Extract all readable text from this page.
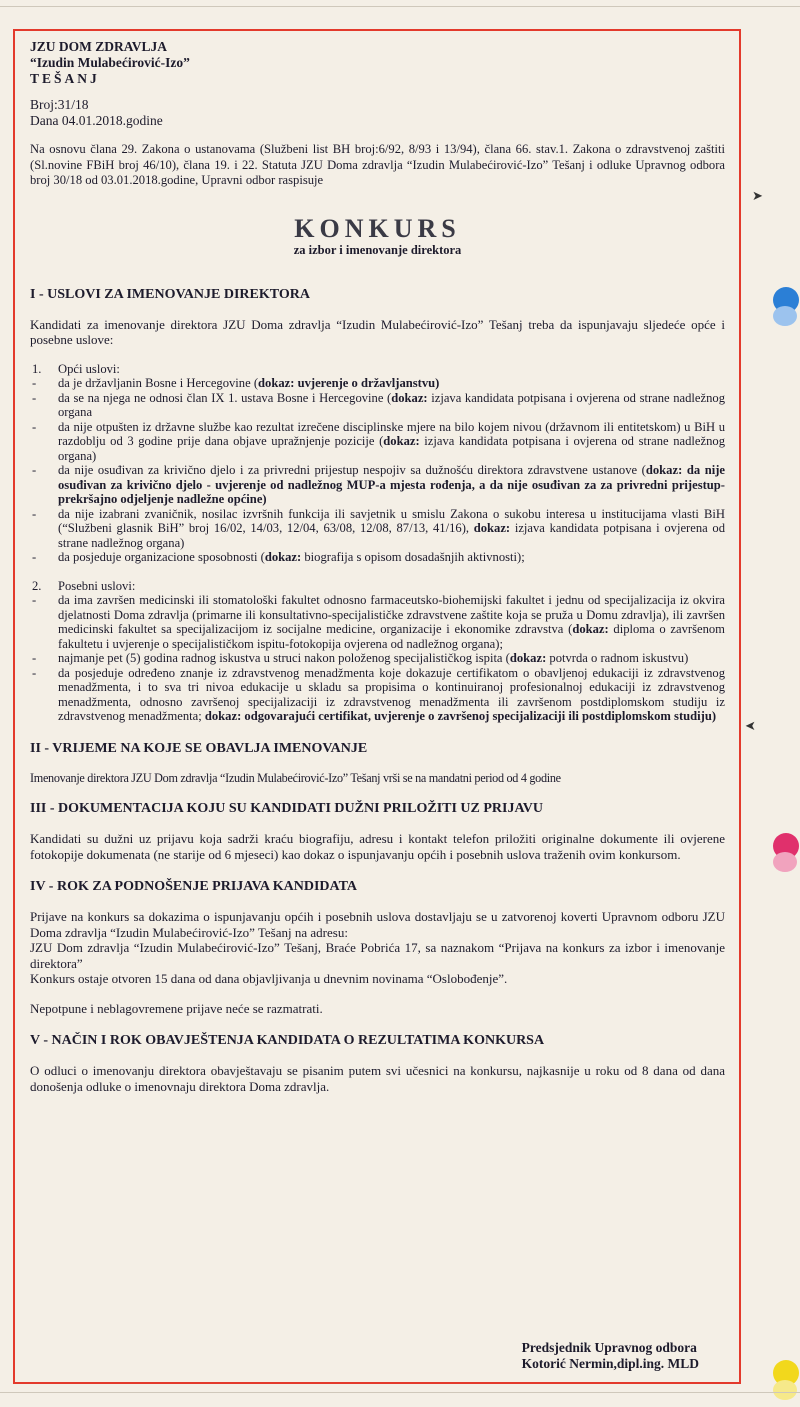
JZU DOM ZDRAVLJA
“Izudin Mulabećirović-Izo”
TEŠANJ
Broj:31/18
Dana 04.01.2018.godine
Na osnovu člana 29. Zakona o ustanovama (Službeni list BH broj:6/92, 8/93 i 13/94), člana 66. stav.1. Zakona o zdravstvenoj zaštiti (Sl.novine FBiH broj 46/10), člana 19. i 22. Statuta JZU Doma zdravlja “Izudin Mulabećirović-Izo” Tešanj i odluke Upravnog odbora broj 30/18 od 03.01.2018.godine, Upravni odbor raspisuje
KONKURS
za izbor i imenovanje direktora
I - USLOVI ZA IMENOVANJE DIREKTORA
Kandidati za imenovanje direktora JZU Doma zdravlja “Izudin Mulabećirović-Izo” Tešanj treba da ispunjavaju sljedeće opće i posebne uslove:
1. Opći uslovi:
- da je državljanin Bosne i Hercegovine (dokaz: uvjerenje o državljanstvu)
- da se na njega ne odnosi član IX 1. ustava Bosne i Hercegovine (dokaz: izjava kandidata potpisana i ovjerena od strane nadležnog organa
- da nije otpušten iz državne službe kao rezultat izrečene disciplinske mjere na bilo kojem nivou (državnom ili entitetskom) u BiH u razdoblju od 3 godine prije dana objave upražnjenje pozicije (dokaz: izjava kandidata potpisana i ovjerena od strane nadležnog organa)
- da nije osuđivan za krivično djelo i za privredni prijestup nespojiv sa dužnošću direktora zdravstvene ustanove (dokaz: da nije osuđivan za krivično djelo - uvjerenje od nadležnog MUP-a mjesta rođenja, a da nije osuđivan za za privredni prijestup-prekršajno odjeljenje nadležne općine)
- da nije izabrani zvaničnik, nosilac izvršnih funkcija ili savjetnik u smislu Zakona o sukobu interesa u institucijama vlasti BiH (“Službeni glasnik BiH” broj 16/02, 14/03, 12/04, 63/08, 12/08, 87/13, 41/16), dokaz: izjava kandidata potpisana i ovjerena od strane nadležnog organa)
- da posjeduje organizacione sposobnosti (dokaz: biografija s opisom dosadašnjih aktivnosti);
2. Posebni uslovi:
- da ima završen medicinski ili stomatološki fakultet odnosno farmaceutsko-biohemijski fakultet i jednu od specijalizacija iz okvira djelatnosti Doma zdravlja (primarne ili konsultativno-specijalističke zdravstvene zaštite koja se pruža u Domu zdravlja), ili završen medicinski fakultet sa specijalizacijom iz socijalne medicine, organizacije i ekonomike zdravstva (dokaz: diploma o završenom fakultetu i uvjerenje o specijalističkom ispitu-fotokopija ovjerena od nadležnog organa);
- najmanje pet (5) godina radnog iskustva u struci nakon položenog specijalističkog ispita (dokaz: potvrda o radnom iskustvu)
- da posjeduje određeno znanje iz zdravstvenog menadžmenta koje dokazuje certifikatom o obavljenoj edukaciji iz zdravstvenog menadžmenta, i to sva tri nivoa edukacije u skladu sa propisima o kontinuiranoj profesionalnoj edukaciji iz zdravstvenog menadžmenta, odnosno završenoj specijalizaciji iz zdravstvenog menadžmenta ili završenom postdiplomskom studiju iz zdravstvenog menadžmenta; dokaz: odgovarajući certifikat, uvjerenje o završenoj specijalizaciji ili postdiplomskom studiju)
II - VRIJEME NA KOJE SE OBAVLJA IMENOVANJE
Imenovanje direktora JZU Dom zdravlja “Izudin Mulabećirović-Izo” Tešanj vrši se na mandatni period od 4 godine
III - DOKUMENTACIJA KOJU SU KANDIDATI DUŽNI PRILOŽITI UZ PRIJAVU
Kandidati su dužni uz prijavu koja sadrži kraću biografiju, adresu i kontakt telefon priložiti originalne dokumente ili ovjerene fotokopije dokumenata (ne starije od 6 mjeseci) kao dokaz o ispunjavanju općih i posebnih uslova traženih ovim konkursom.
IV - ROK ZA PODNOŠENJE PRIJAVA KANDIDATA
Prijave na konkurs sa dokazima o ispunjavanju općih i posebnih uslova dostavljaju se u zatvorenoj koverti Upravnom odboru JZU Doma zdravlja “Izudin Mulabećirović-Izo” Tešanj na adresu:
JZU Dom zdravlja “Izudin Mulabećirović-Izo” Tešanj, Braće Pobrića 17, sa naznakom “Prijava na konkurs za izbor i imenovanje direktora”
Konkurs ostaje otvoren 15 dana od dana objavljivanja u dnevnim novinama “Oslobođenje”.
Nepotpune i neblagovremene prijave neće se razmatrati.
V - NAČIN I ROK OBAVJEŠTENJA KANDIDATA O REZULTATIMA KONKURSA
O odluci o imenovanju direktora obavještavaju se pisanim putem svi učesnici na konkursu, najkasnije u roku od 8 dana od dana donošenja odluke o imenovnaju direktora Doma zdravlja.
Predsjednik Upravnog odbora
Kotorić Nermin,dipl.ing. MLD
➤
➤
